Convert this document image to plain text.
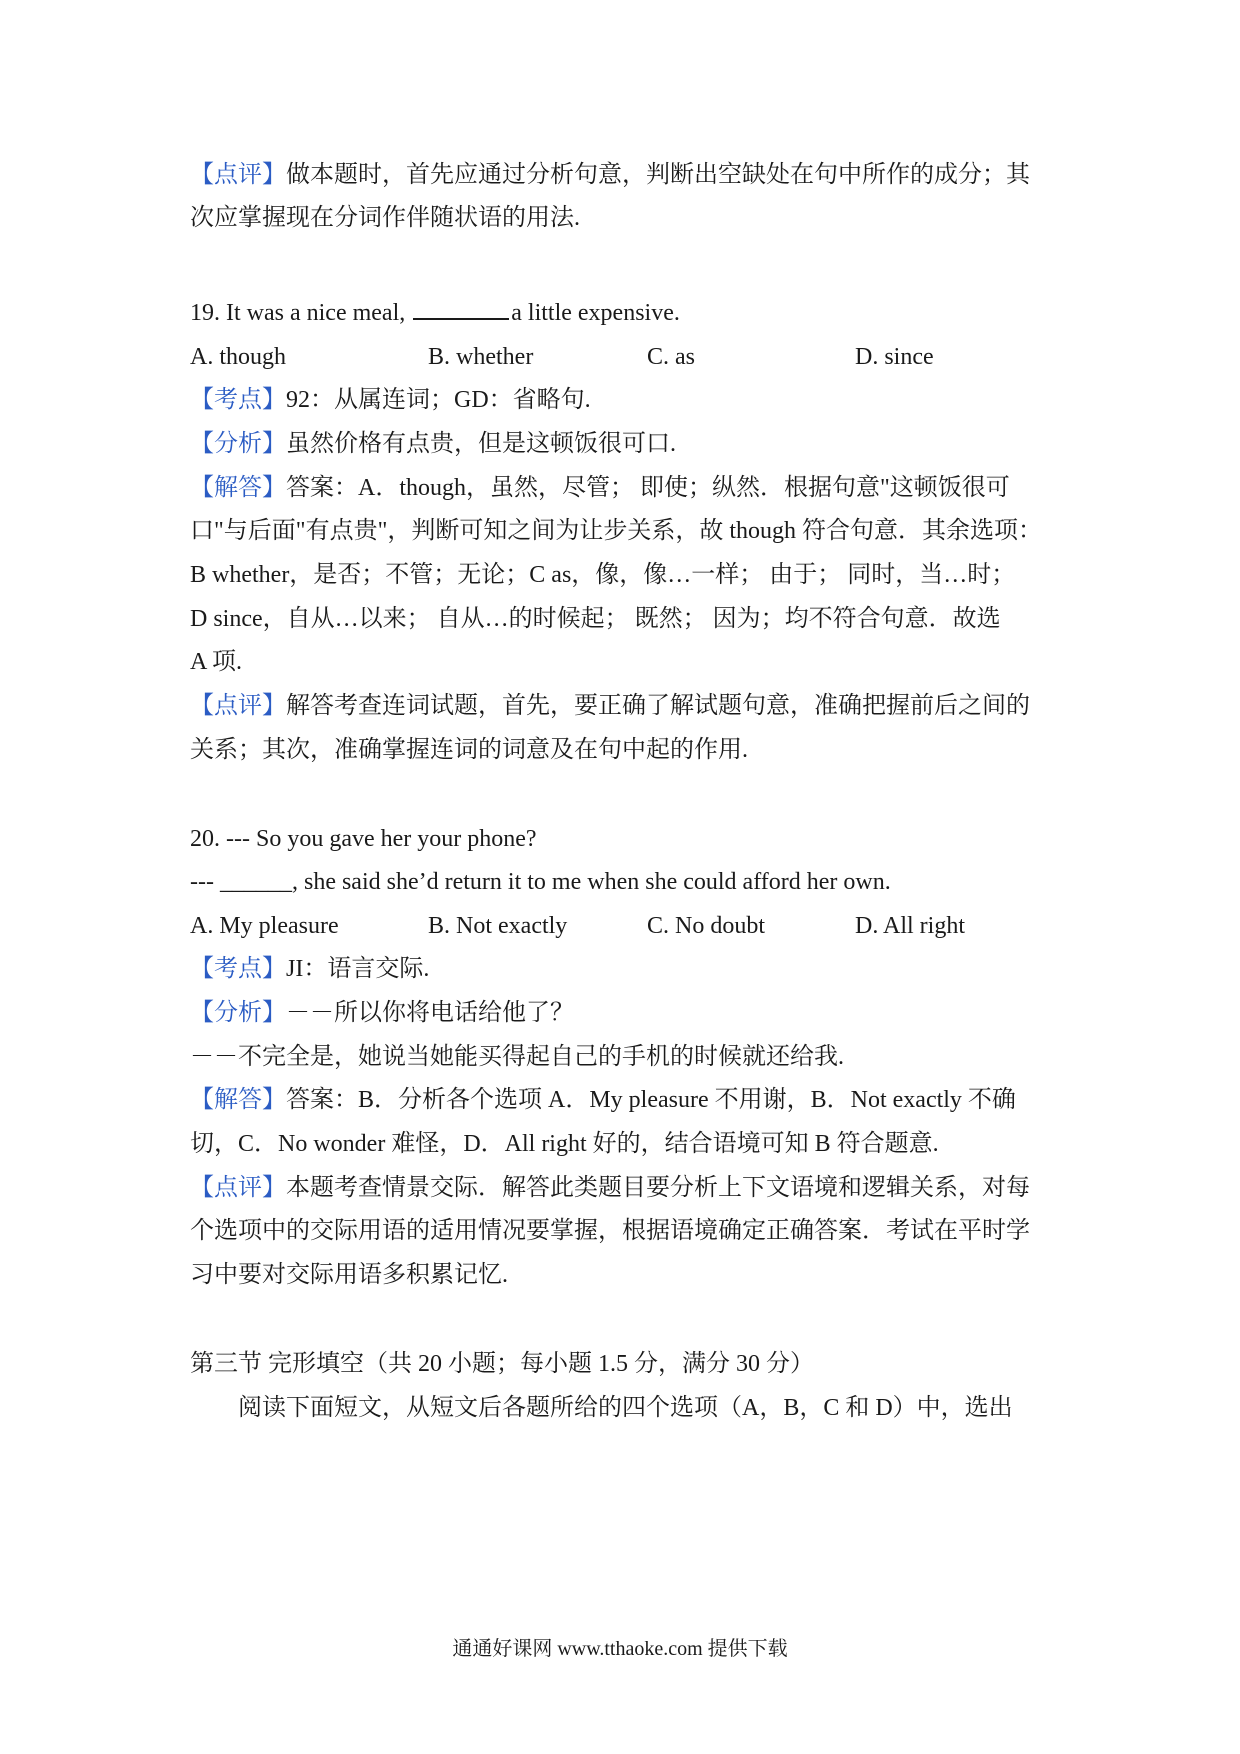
【点评】做本题时，首先应通过分析句意，判断出空缺处在句中所作的成分；其
次应掌握现在分词作伴随状语的用法.
19. It was a nice meal,	a little expensive.
A. though	B. whether	C. as	D. since
【考点】92：从属连词；GD：省略句.
【分析】虽然价格有点贵，但是这顿饭很可口.
【解答】答案：A．though，虽然，尽管； 即使；纵然．根据句意"这顿饭很可
口"与后面"有点贵"，判断可知之间为让步关系，故 though 符合句意．其余选项：
B whether，是否；不管；无论；C as，像，像…一样； 由于； 同时，当…时；
D since，自从…以来； 自从…的时候起； 既然； 因为；均不符合句意．故选
A 项.
【点评】解答考查连词试题，首先，要正确了解试题句意，准确把握前后之间的
关系；其次，准确掌握连词的词意及在句中起的作用.
20. --- So you gave her your phone?
--- ______, she said she’d return it to me when she could afford her own.
A. My pleasure	B. Not exactly	C. No doubt	D. All right
【考点】JI：语言交际.
【分析】－－所以你将电话给他了？
－－不完全是，她说当她能买得起自己的手机的时候就还给我.
【解答】答案：B．分析各个选项 A．My pleasure 不用谢，B．Not exactly 不确
切，C．No wonder 难怪，D．All right 好的，结合语境可知 B 符合题意.
【点评】本题考查情景交际．解答此类题目要分析上下文语境和逻辑关系，对每
个选项中的交际用语的适用情况要掌握，根据语境确定正确答案．考试在平时学
习中要对交际用语多积累记忆.
第三节 完形填空（共 20 小题；每小题 1.5 分，满分 30 分）
阅读下面短文，从短文后各题所给的四个选项（A，B，C 和 D）中，选出
通通好课网 www.tthaoke.com 提供下载
